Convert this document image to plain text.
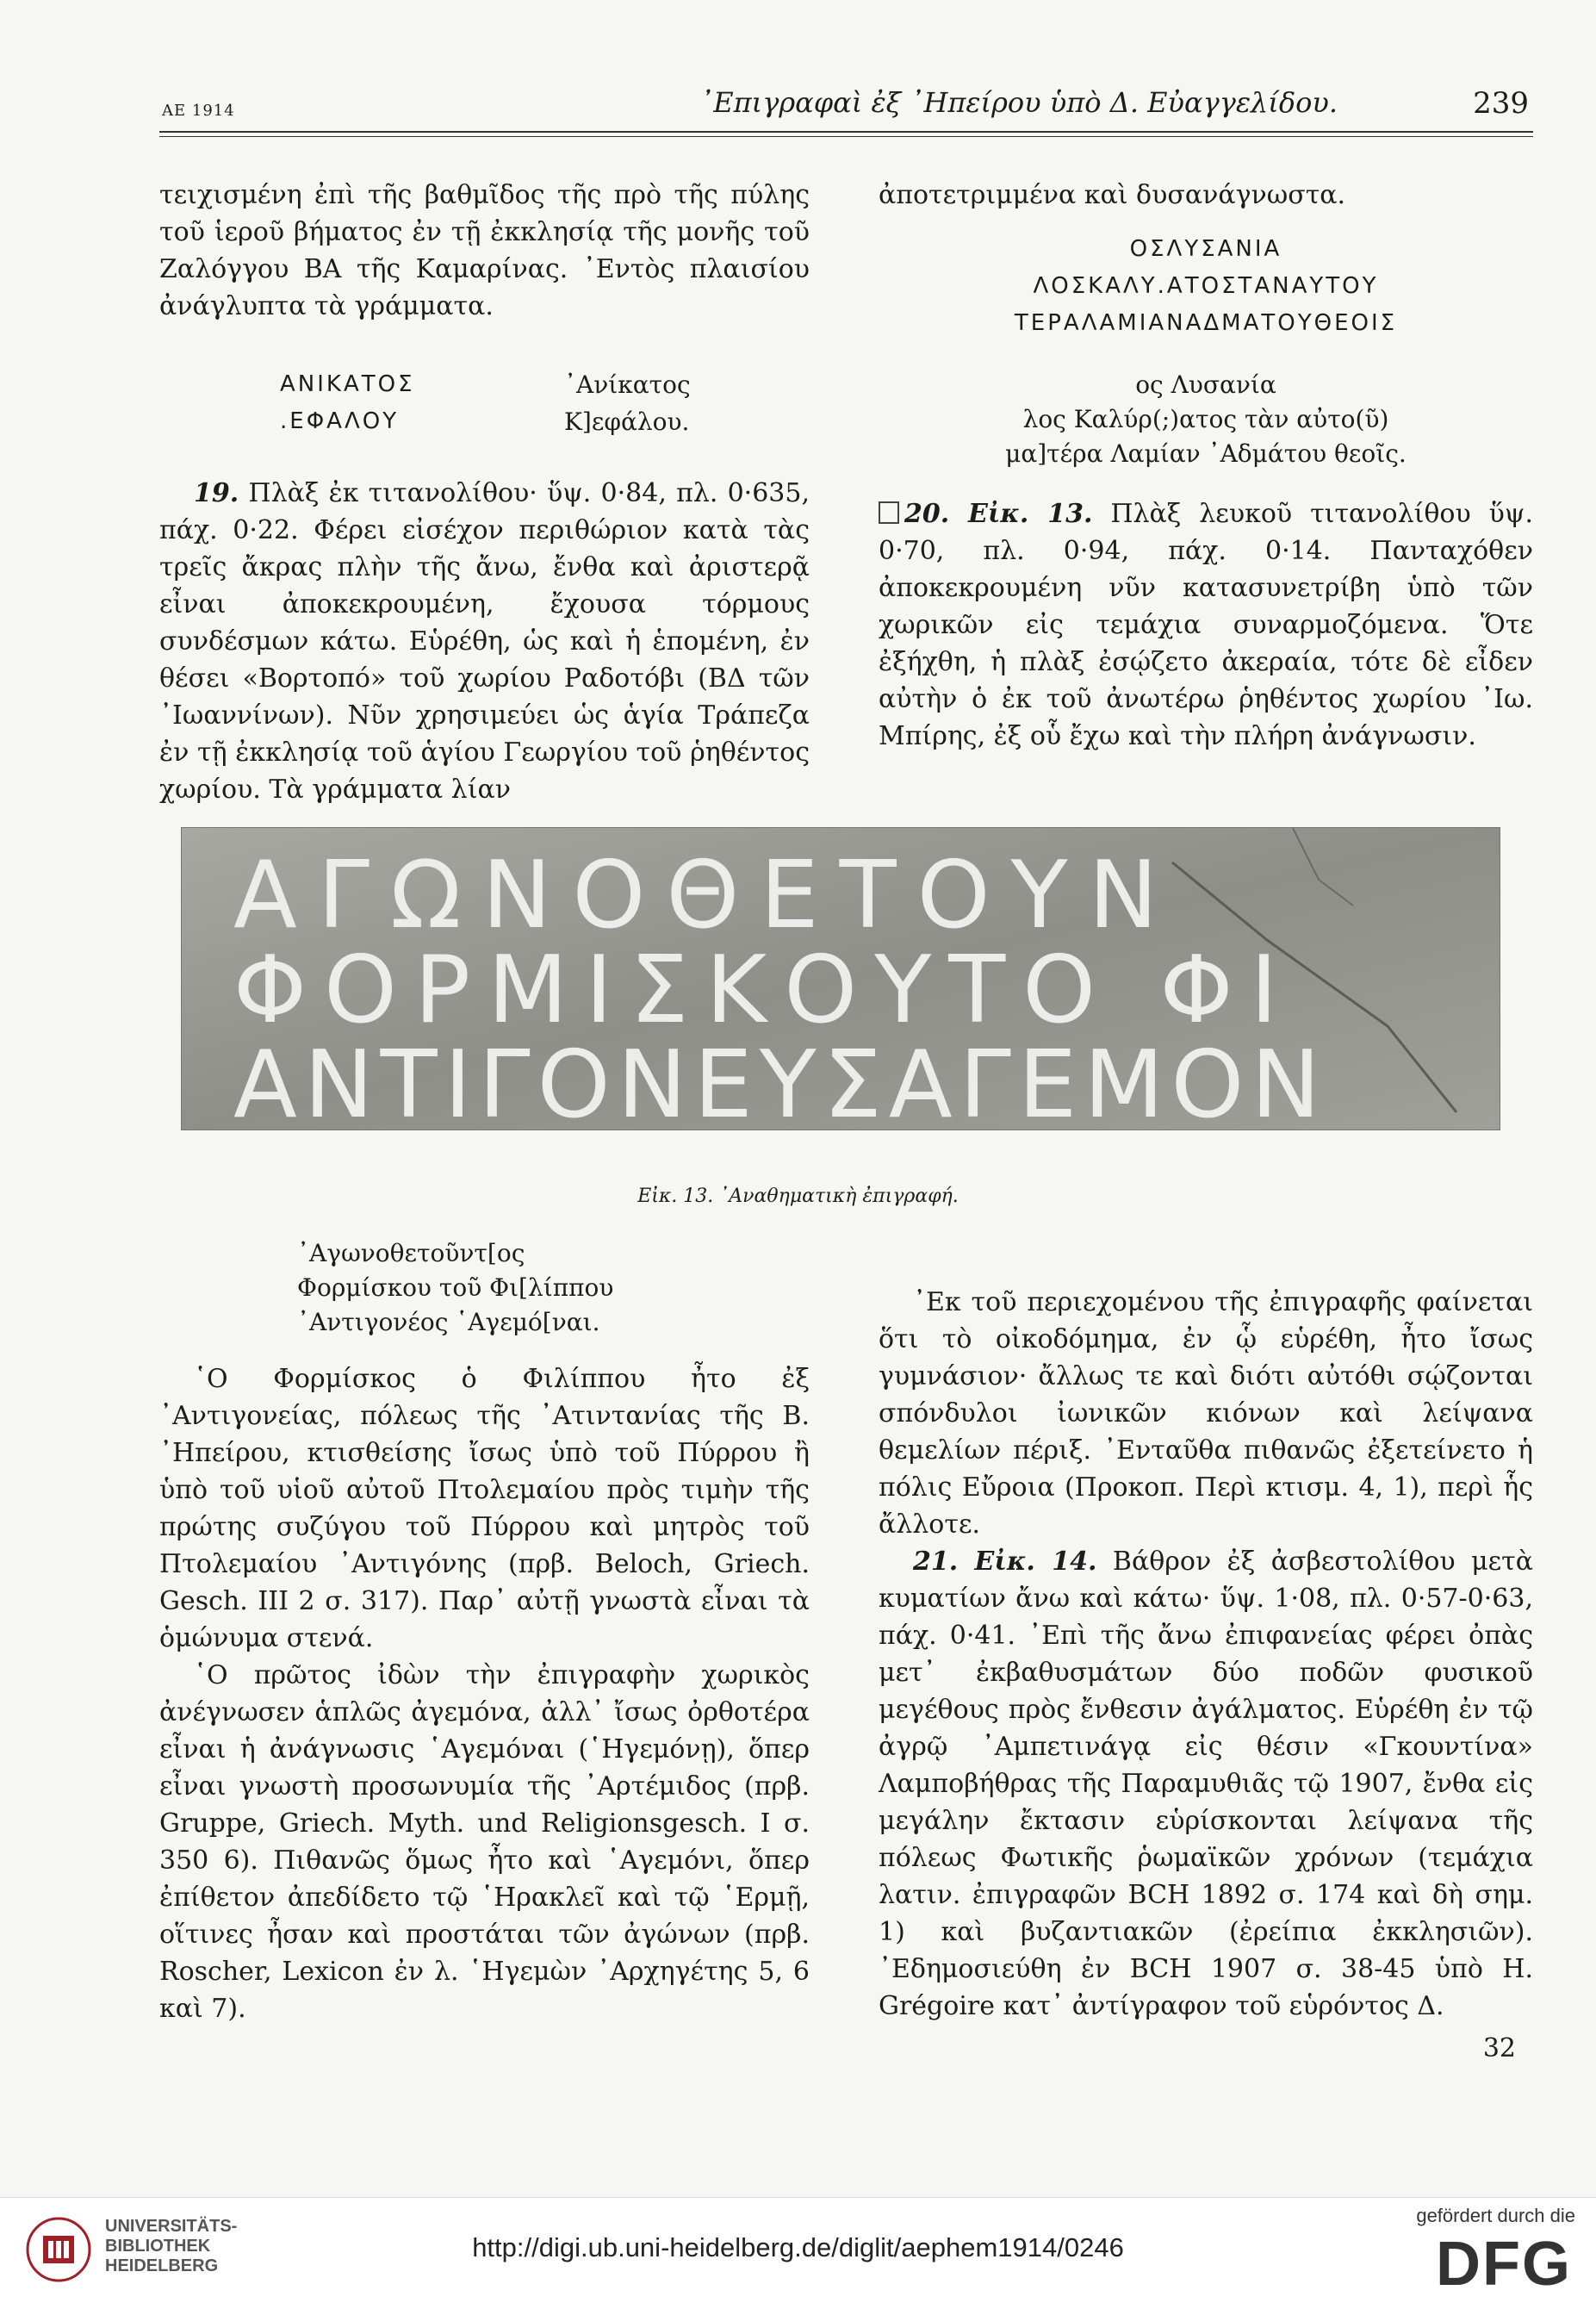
ΑΕ 1914	᾿Επιγραφαὶ ἐξ ᾿Ηπείρου ὑπὸ Δ. Εὐαγγελίδου.	239

τειχισμένη ἐπὶ τῆς βαθμῖδος τῆς πρὸ τῆς πύλης τοῦ ἱεροῦ βήματος ἐν τῇ ἐκκλησίᾳ τῆς μονῆς τοῦ Ζαλόγγου ΒΑ τῆς Καμαρίνας. ᾿Εντὸς πλαισίου ἀνάγλυπτα τὰ γράμματα.

ΑΝΙΚΑΤΟΣ
.ΕΦΑΛΟΥ
᾿Ανίκατος
Κ]εφάλου.

19. Πλὰξ ἐκ τιτανολίθου· ὕψ. 0·84, πλ. 0·635, πάχ. 0·22. Φέρει εἰσέχον περιθώριον κατὰ τὰς τρεῖς ἄκρας πλὴν τῆς ἄνω, ἔνθα καὶ ἀριστερᾷ εἶναι ἀποκεκρουμένη, ἔχουσα τόρμους συνδέσμων κάτω. Εὑρέθη, ὡς καὶ ἡ ἑπομένη, ἐν θέσει «Βορτοπό» τοῦ χωρίου Ραδοτόβι (ΒΔ τῶν ᾿Ιωαννίνων). Νῦν χρησιμεύει ὡς ἁγία Τράπεζα ἐν τῇ ἐκκλησίᾳ τοῦ ἁγίου Γεωργίου τοῦ ῥηθέντος χωρίου. Τὰ γράμματα λίαν

ἀποτετριμμένα καὶ δυσανάγνωστα.

ΟΣΛΥΣΑΝΙΑ
ΛΟΣΚΑΛΥ.ΑΤΟΣΤΑΝΑΥΤΟΥ
ΤΕΡΑΛΑΜΙΑΝΑΔΜΑΤΟΥΘΕΟΙΣ
ος Λυσανία
λος Καλύρ(;)ατος τὰν αὐτο(ῦ)
μα]τέρα Λαμίαν ᾿Αδμάτου θεοῖς.

20. Εἰκ. 13. Πλὰξ λευκοῦ τιτανολίθου ὕψ. 0·70, πλ. 0·94, πάχ. 0·14. Πανταχόθεν ἀποκεκρουμένη νῦν κατασυνετρίβη ὑπὸ τῶν χωρικῶν εἰς τεμάχια συναρμοζόμενα. Ὅτε ἐξήχθη, ἡ πλὰξ ἐσῴζετο ἀκεραία, τότε δὲ εἶδεν αὐτὴν ὁ ἐκ τοῦ ἀνωτέρω ῥηθέντος χωρίου ᾿Ιω. Μπίρης, ἐξ οὗ ἔχω καὶ τὴν πλήρη ἀνάγνωσιν.

ΑΓΩΝΟΘΕΤΟΥΝ
ΦΟΡΜΙΣΚΟΥΤΟ ΦΙ
ΑΝΤΙΓΟΝΕΥΣΑΓΕΜΟΝ
Εἰκ. 13. ᾿Αναθηματικὴ ἐπιγραφή.
᾿Αγωνοθετοῦντ[ος
Φορμίσκου τοῦ Φι[λίππου
᾿Αντιγονέος ῾Αγεμό[ναι.

῾Ο Φορμίσκος ὁ Φιλίππου ἦτο ἐξ ᾿Αντιγονείας, πόλεως τῆς ᾿Ατιντανίας τῆς Β. ᾿Ηπείρου, κτισθείσης ἴσως ὑπὸ τοῦ Πύρρου ἢ ὑπὸ τοῦ υἱοῦ αὐτοῦ Πτολεμαίου πρὸς τιμὴν τῆς πρώτης συζύγου τοῦ Πύρρου καὶ μητρὸς τοῦ Πτολεμαίου ᾿Αντιγόνης (πρβ. Beloch, Griech. Gesch. III 2 σ. 317). Παρ᾿ αὐτῇ γνωστὰ εἶναι τὰ ὁμώνυμα στενά.

῾Ο πρῶτος ἰδὼν τὴν ἐπιγραφὴν χωρικὸς ἀνέγνωσεν ἁπλῶς ἀγεμόνα, ἀλλ᾿ ἴσως ὀρθοτέρα εἶναι ἡ ἀνάγνωσις ῾Αγεμόναι (῾Ηγεμόνῃ), ὅπερ εἶναι γνωστὴ προσωνυμία τῆς ᾿Αρτέμιδος (πρβ. Gruppe, Griech. Myth. und Religionsgesch. I σ. 350 6). Πιθανῶς ὅμως ἦτο καὶ ῾Αγεμόνι, ὅπερ ἐπίθετον ἀπεδίδετο τῷ ῾Ηρακλεῖ καὶ τῷ ῾Ερμῇ, οἵτινες ἦσαν καὶ προστάται τῶν ἀγώνων (πρβ. Roscher, Lexicon ἐν λ. ῾Ηγεμὼν ᾿Αρχηγέτης 5, 6 καὶ 7).

᾿Εκ τοῦ περιεχομένου τῆς ἐπιγραφῆς φαίνεται ὅτι τὸ οἰκοδόμημα, ἐν ᾧ εὑρέθη, ἦτο ἴσως γυμνάσιον· ἄλλως τε καὶ διότι αὐτόθι σῴζονται σπόνδυλοι ἰωνικῶν κιόνων καὶ λείψανα θεμελίων πέριξ. ᾿Ενταῦθα πιθανῶς ἐξετείνετο ἡ πόλις Εὔροια (Προκοπ. Περὶ κτισμ. 4, 1), περὶ ἧς ἄλλοτε.

21. Εἰκ. 14. Βάθρον ἐξ ἀσβεστολίθου μετὰ κυματίων ἄνω καὶ κάτω· ὕψ. 1·08, πλ. 0·57-0·63, πάχ. 0·41. ᾿Επὶ τῆς ἄνω ἐπιφανείας φέρει ὀπὰς μετ᾿ ἐκβαθυσμάτων δύο ποδῶν φυσικοῦ μεγέθους πρὸς ἔνθεσιν ἀγάλματος. Εὑρέθη ἐν τῷ ἀγρῷ ᾿Αμπετινάγᾳ εἰς θέσιν «Γκουντίνα» Λαμποβήθρας τῆς Παραμυθιᾶς τῷ 1907, ἔνθα εἰς μεγάλην ἔκτασιν εὑρίσκονται λείψανα τῆς πόλεως Φωτικῆς ῥωμαϊκῶν χρόνων (τεμάχια λατιν. ἐπιγραφῶν BCH 1892 σ. 174 καὶ δὴ σημ. 1) καὶ βυζαντιακῶν (ἐρείπια ἐκκλησιῶν). ᾿Εδημοσιεύθη ἐν BCH 1907 σ. 38-45 ὑπὸ H. Grégoire κατ᾿ ἀντίγραφον τοῦ εὑρόντος Δ.

32
UNIVERSITÄTS-
BIBLIOTHEK
HEIDELBERG
http://digi.ub.uni-heidelberg.de/diglit/aephem1914/0246
gefördert durch die
DFG
